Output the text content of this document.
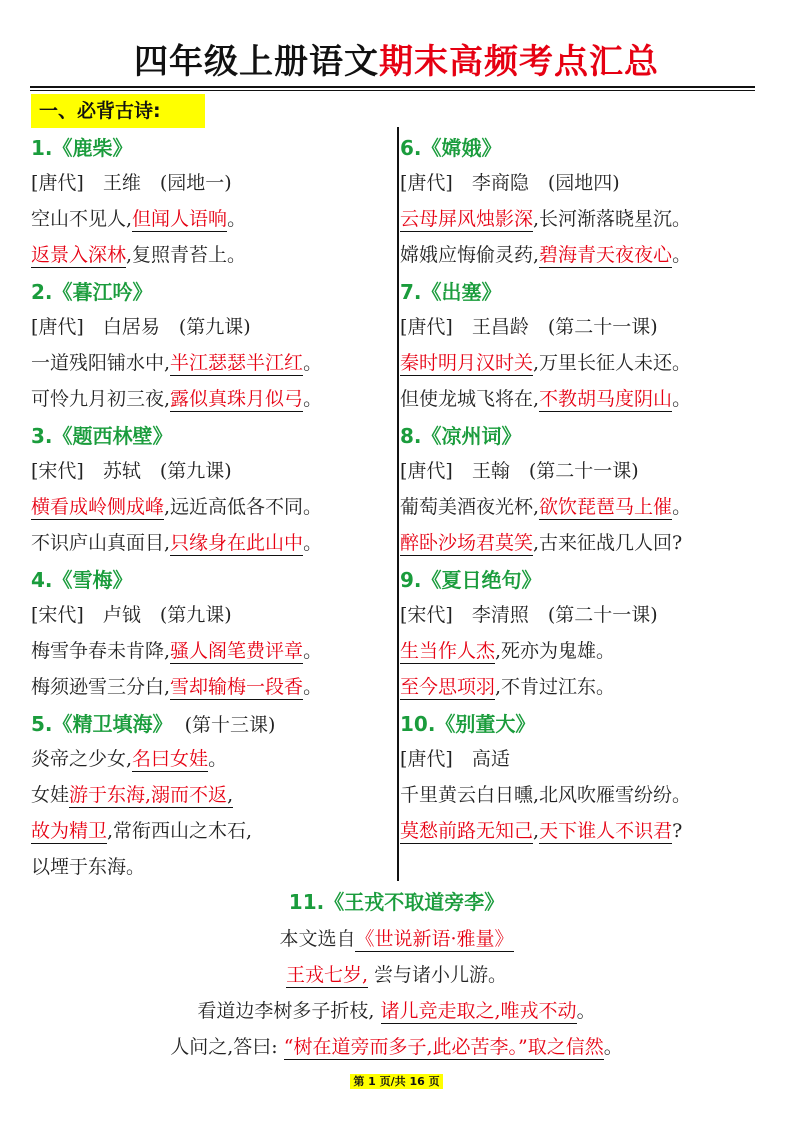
四年级上册语文期末高频考点汇总
一、必背古诗:
1.《鹿柴》
[唐代]　王维　(园地一)
空山不见人,但闻人语响。
返景入深林,复照青苔上。
2.《暮江吟》
[唐代]　白居易　(第九课)
一道残阳铺水中,半江瑟瑟半江红。
可怜九月初三夜,露似真珠月似弓。
3.《题西林壁》
[宋代]　苏轼　(第九课)
横看成岭侧成峰,远近高低各不同。
不识庐山真面目,只缘身在此山中。
4.《雪梅》
[宋代]　卢钺　(第九课)
梅雪争春未肯降,骚人阁笔费评章。
梅须逊雪三分白,雪却输梅一段香。
5.《精卫填海》 (第十三课)
炎帝之少女,名曰女娃。
女娃游于东海,溺而不返,
故为精卫,常衔西山之木石,
以堙于东海。
6.《嫦娥》
[唐代]　李商隐　(园地四)
云母屏风烛影深,长河渐落晓星沉。
嫦娥应悔偷灵药,碧海青天夜夜心。
7.《出塞》
[唐代]　王昌龄　(第二十一课)
秦时明月汉时关,万里长征人未还。
但使龙城飞将在,不教胡马度阴山。
8.《凉州词》
[唐代]　王翰　(第二十一课)
葡萄美酒夜光杯,欲饮琵琶马上催。
醉卧沙场君莫笑,古来征战几人回?
9.《夏日绝句》
[宋代]　李清照　(第二十一课)
生当作人杰,死亦为鬼雄。
至今思项羽,不肯过江东。
10.《别董大》
[唐代]　高适
千里黄云白日曛,北风吹雁雪纷纷。
莫愁前路无知己,天下谁人不识君?
11.《王戎不取道旁李》
本文选自《世说新语·雅量》
王戎七岁, 尝与诸小儿游。
看道边李树多子折枝, 诸儿竞走取之,唯戎不动。
人问之,答曰: “树在道旁而多子,此必苦李。”取之信然。
第 1 页/共 16 页
